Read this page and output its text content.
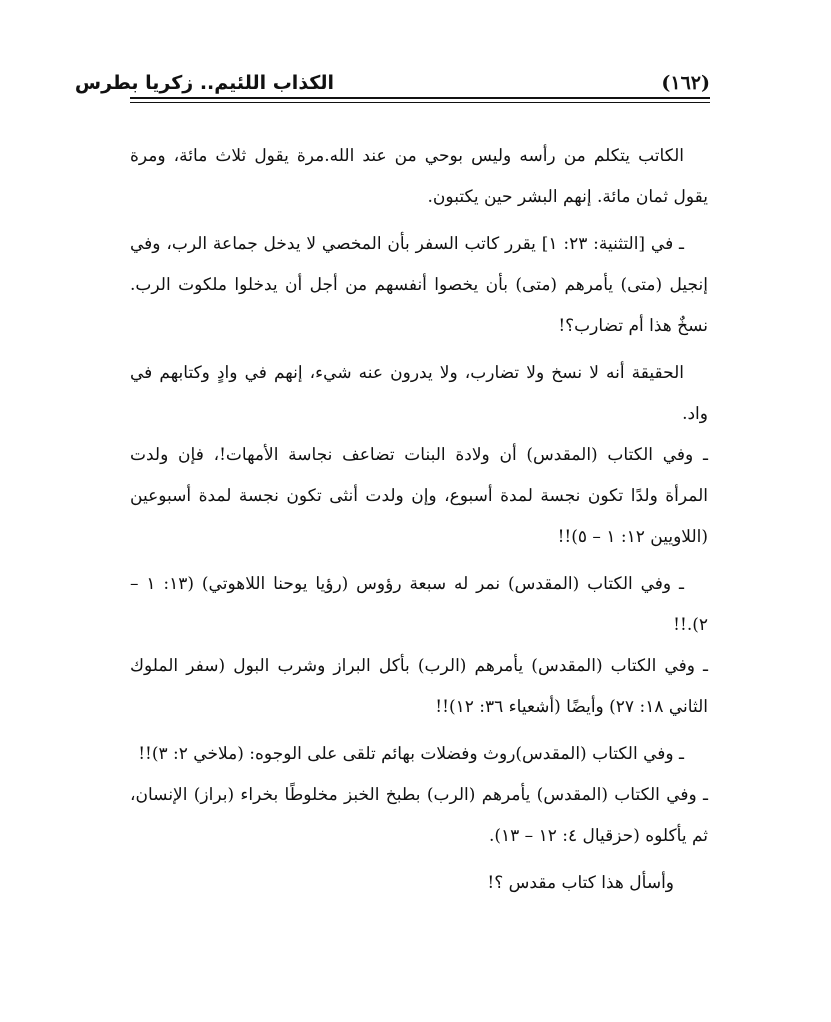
(١٦٢)
الكذاب اللئيم.. زكريا بطرس

الكاتب يتكلم من رأسه وليس بوحي من عند الله.مرة يقول ثلاث مائة، ومرة يقول ثمان مائة. إنهم البشر حين يكتبون.

ـ في [التثنية: ٢٣: ١] يقرر كاتب السفر بأن المخصي لا يدخل جماعة الرب، وفي إنجيل (متى) يأمرهم (متى) بأن يخصوا أنفسهم من أجل أن يدخلوا ملكوت الرب. نسخٌ هذا أم تضارب؟!

الحقيقة أنه لا نسخ ولا تضارب، ولا يدرون عنه شيء، إنهم في وادٍ وكتابهم في واد.

ـ وفي الكتاب (المقدس) أن ولادة البنات تضاعف نجاسة الأمهات!، فإن ولدت المرأة ولدًا تكون نجسة لمدة أسبوع، وإن ولدت أنثى تكون نجسة لمدة أسبوعين (اللاويين ١٢: ١ – ٥)!!

ـ وفي الكتاب (المقدس) نمر له سبعة رؤوس (رؤيا يوحنا اللاهوتي) (١٣: ١ – ٢).!!

ـ وفي الكتاب (المقدس) يأمرهم (الرب) بأكل البراز وشرب البول (سفر الملوك الثاني ١٨: ٢٧) وأيضًا (أشعياء ٣٦: ١٢)!!

ـ وفي الكتاب (المقدس)روث وفضلات بهائم تلقى على الوجوه: (ملاخي ٢: ٣)!!

ـ وفي الكتاب (المقدس) يأمرهم (الرب) بطبخ الخبز مخلوطًا بخراء (براز) الإنسان، ثم يأكلوه (حزقيال ٤: ١٢ – ١٣).

وأسأل هذا كتاب مقدس ؟!
